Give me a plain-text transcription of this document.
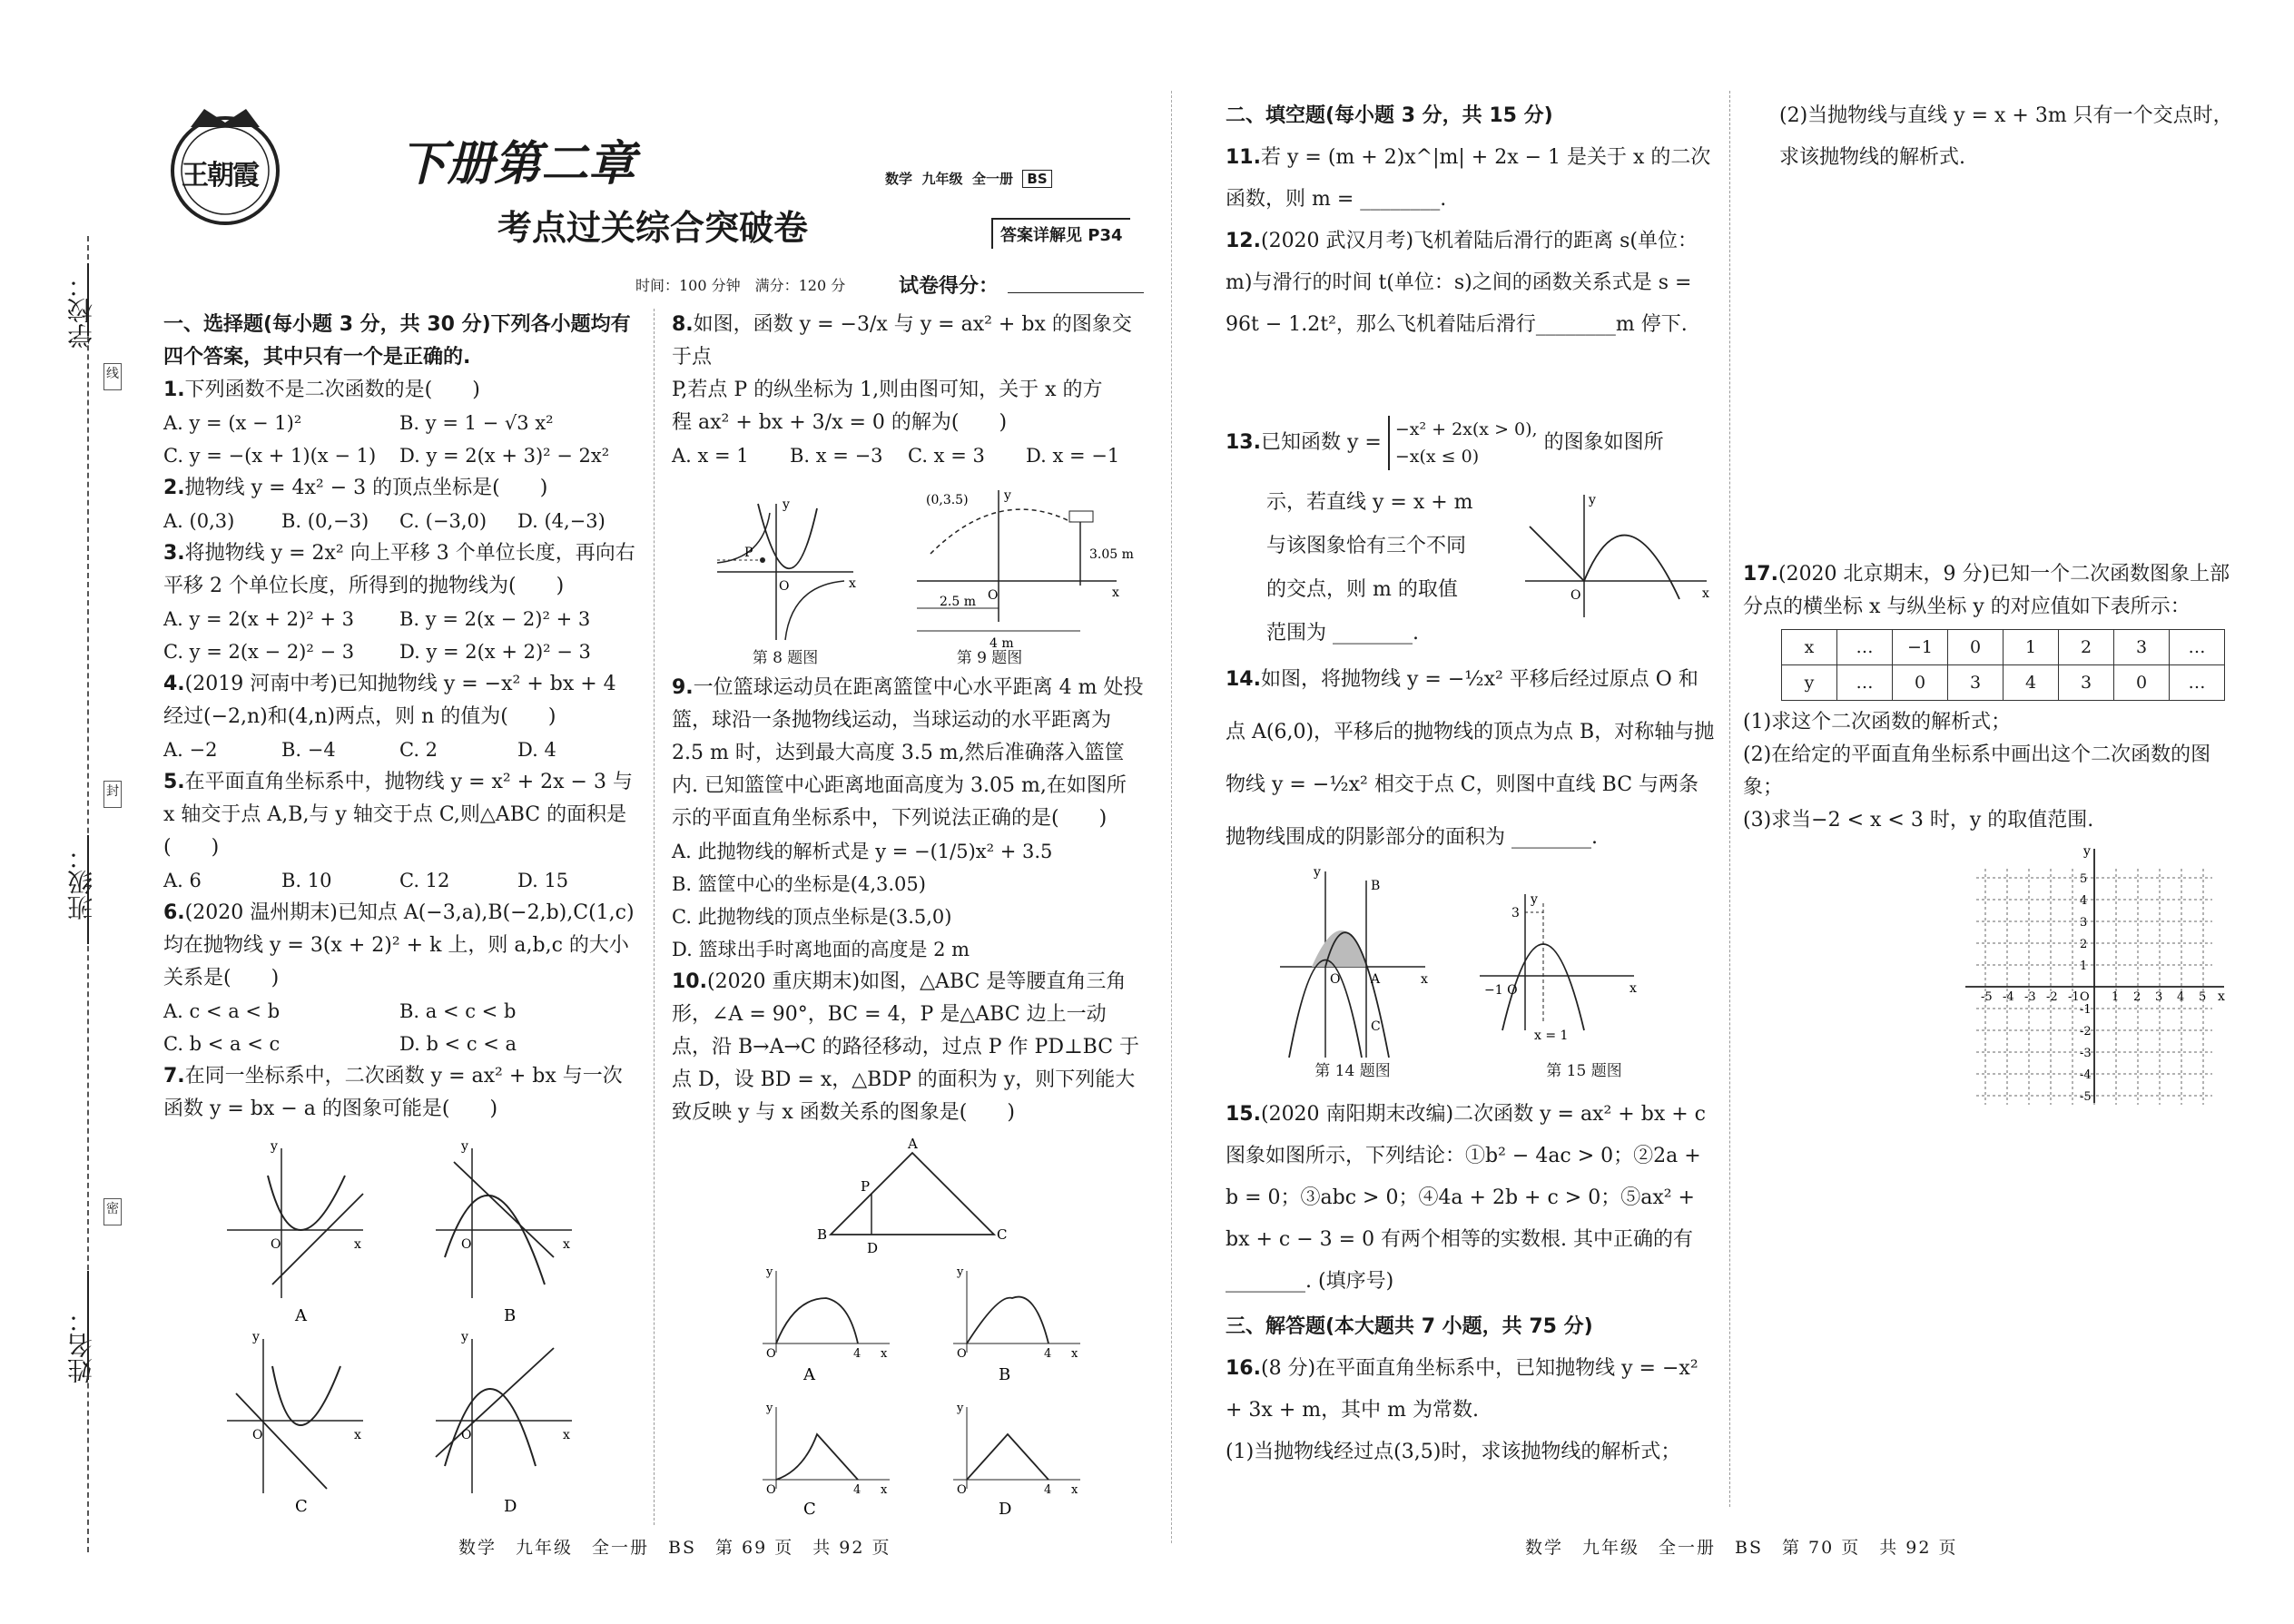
学校：
班级：
姓名：
线
封
密
王朝霞	下册第二章
考点过关综合突破卷
数学 九年级 全一册 BS
答案详解见 P34
时间：100 分钟　满分：120 分	试卷得分：
一、选择题(每小题 3 分，共 30 分)下列各小题均有四个答案，其中只有一个是正确的.
1.下列函数不是二次函数的是(　　)
A. y = (x − 1)²	B. y = 1 − √3 x²
C. y = −(x + 1)(x − 1)	D. y = 2(x + 3)² − 2x²
2.抛物线 y = 4x² − 3 的顶点坐标是(　　)
A. (0,3)	B. (0,−3)	C. (−3,0)	D. (4,−3)
3.将抛物线 y = 2x² 向上平移 3 个单位长度，再向右平移 2 个单位长度，所得到的抛物线为(　　)
A. y = 2(x + 2)² + 3	B. y = 2(x − 2)² + 3
C. y = 2(x − 2)² − 3	D. y = 2(x + 2)² − 3
4.(2019 河南中考)已知抛物线 y = −x² + bx + 4 经过(−2,n)和(4,n)两点，则 n 的值为(　　)
A. −2	B. −4	C. 2	D. 4
5.在平面直角坐标系中，抛物线 y = x² + 2x − 3 与 x 轴交于点 A,B,与 y 轴交于点 C,则△ABC 的面积是(　　)
A. 6	B. 10	C. 12	D. 15
6.(2020 温州期末)已知点 A(−3,a),B(−2,b),C(1,c)均在抛物线 y = 3(x + 2)² + k 上，则 a,b,c 的大小关系是(　　)
A. c < a < b	B. a < c < b
C. b < a < c	D. b < c < a
7.在同一坐标系中，二次函数 y = ax² + bx 与一次函数 y = bx − a 的图象可能是(　　)
O	x
y
O	x
y
O	x
y
O	x
y
A	B
C	D
8.如图，函数 y = −3/x 与 y = ax² + bx 的图象交于点
P,若点 P 的纵坐标为 1,则由图可知，关于 x 的方
程 ax² + bx + 3/x = 0 的解为(　　)
A. x = 1	B. x = −3	C. x = 3	D. x = −1
P
O	x
y	(0,3.5)
3.05 m
2.5 m
4 m
O	x
y
第 8 题图	第 9 题图
9.一位篮球运动员在距离篮筐中心水平距离 4 m 处投篮，球沿一条抛物线运动，当球运动的水平距离为 2.5 m 时，达到最大高度 3.5 m,然后准确落入篮筐内. 已知篮筐中心距离地面高度为 3.05 m,在如图所示的平面直角坐标系中，下列说法正确的是(　　)
A. 此抛物线的解析式是 y = −(1/5)x² + 3.5
B. 篮筐中心的坐标是(4,3.05)
C. 此抛物线的顶点坐标是(3.5,0)
D. 篮球出手时离地面的高度是 2 m
10.(2020 重庆期末)如图，△ABC 是等腰直角三角形，∠A = 90°，BC = 4，P 是△ABC 边上一动点，沿 B→A→C 的路径移动，过点 P 作 PD⊥BC 于点 D，设 BD = x，△BDP 的面积为 y，则下列能大致反映 y 与 x 函数关系的图象是(　　)
A
B	C
P
D
O	4 x
y
O	4 x
y
O	4 x
y
O	4 x
y
A	B
C	D
数学　九年级　全一册　BS　第 69 页　共 92 页
二、填空题(每小题 3 分，共 15 分)
11.若 y = (m + 2)x^|m| + 2x − 1 是关于 x 的二次函数，则 m = ________.
12.(2020 武汉月考)飞机着陆后滑行的距离 s(单位：m)与滑行的时间 t(单位：s)之间的函数关系式是 s = 96t − 1.2t²，那么飞机着陆后滑行________m 停下.
13.已知函数 y =
−x² + 2x(x > 0),
−x(x ≤ 0)
的图象如图所
示，若直线 y = x + m 与该图象恰有三个不同的交点，则 m 的取值范围为 ________.
O	x
y
14.如图，将抛物线 y = −½x² 平移后经过原点 O 和点 A(6,0)，平移后的抛物线的顶点为点 B，对称轴与抛物线 y = −½x² 相交于点 C，则图中直线 BC 与两条抛物线围成的阴影部分的面积为 ________.
B
C
O A	x
y
3
−1 O	x
y
x = 1
第 14 题图	第 15 题图
15.(2020 南阳期末改编)二次函数 y = ax² + bx + c 图象如图所示，下列结论：①b² − 4ac > 0；②2a + b = 0；③abc > 0；④4a + 2b + c > 0；⑤ax² + bx + c − 3 = 0 有两个相等的实数根. 其中正确的有 ________. (填序号)
三、解答题(本大题共 7 小题，共 75 分)
16.(8 分)在平面直角坐标系中，已知抛物线 y = −x² + 3x + m，其中 m 为常数.
(1)当抛物线经过点(3,5)时，求该抛物线的解析式；
(2)当抛物线与直线 y = x + 3m 只有一个交点时，求该抛物线的解析式.
17.(2020 北京期末，9 分)已知一个二次函数图象上部分点的横坐标 x 与纵坐标 y 的对应值如下表所示：
x	…	−1	0	1	2	3	…
y	…	0	3	4	3	0	…
(1)求这个二次函数的解析式；
(2)在给定的平面直角坐标系中画出这个二次函数的图象；
(3)求当−2 < x < 3 时，y 的取值范围.
-5
-5
-4
-4
-3
-3
-2
-2
-1
-1
O 1
1
2
2
3
3
4
4
5
5
x
y
数学　九年级　全一册　BS　第 70 页　共 92 页
